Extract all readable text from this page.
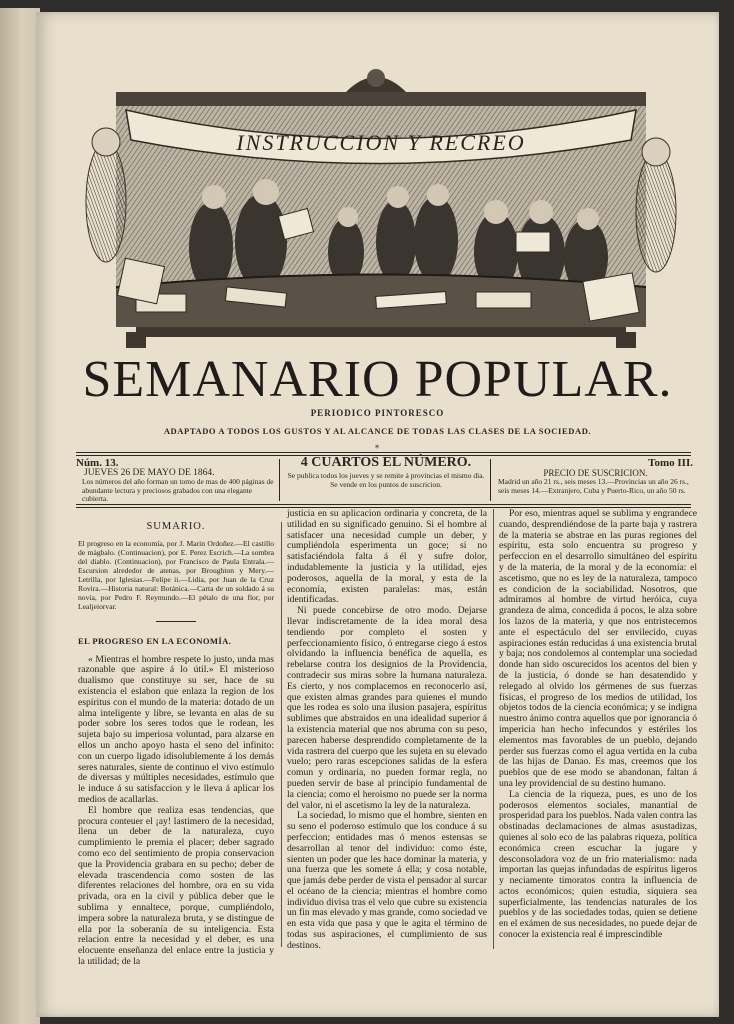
INSTRUCCION Y RECREO
SEMANARIO POPULAR.
PERIODICO PINTORESCO
ADAPTADO A TODOS LOS GUSTOS Y AL ALCANCE DE TODAS LAS CLASES DE LA SOCIEDAD.
*
Núm. 13.
JUEVES 26 DE MAYO DE 1864.
Los números del año forman un tomo de mas de 400 páginas de abundante lectura y preciosos grabados con una elegante cubierta.
4 CUARTOS EL NÚMERO.
Se publica todos los jueves y se remite á provincias el mismo dia.
Se vende en los puntos de suscricion.
Tomo III.
PRECIO DE SUSCRICION.
Madrid un año 21 rs., seis meses 13.—Provincias un año 26 rs., seis meses 14.—Extranjero, Cuba y Puerto-Rico, un año 50 rs.
SUMARIO.

El progreso en la economía, por J. Marin Ordoñez.—El castillo de mágbalo. (Continuacion), por E. Perez Escrich.—La sombra del diablo. (Continuacion), por Francisco de Paula Entrala.—Escursion alrededor de atenas, por Broughton y Mery.—Letrilla, por Iglesias.—Felipe ii.—Lidia, por Juan de la Cruz Rovira.—Historia natural: Botánica.—Carta de un soldado á su novia, por Pedro F. Reymundo.—El pétalo de una flor, por Lealjeiorvar.

EL PROGRESO EN LA ECONOMÍA.

« Mientras el hombre respete lo justo, unda mas razonable que aspire á lo útil.» El misterioso dualismo que constituye su ser, hace de su existencia el eslabon que enlaza la region de los espíritus con el mundo de la materia: dotado de un alma inteligente y libre, se levanta en alas de su poder sobre los seres todos que le rodean, les sujeta bajo su imperiosa voluntad, para alzarse en ellos un ancho apoyo hasta el seno del infinito: con un cuerpo ligado idisolublemente á los demás seres naturales, siente de continuo el vivo estímulo de diversas y múltiples necesidades, estímulo que le induce á su satisfaccion y le lleva á aplicar los medios de acallarlas.

El hombre que realiza esas tendencias, que procura conteuer el ¡ay! lastimero de la necesidad, llena un deber de la naturaleza, cuyo cumplimiento le premia el placer; deber sagrado como eco del sentimiento de propia conservacion que la Providencia grabara en su pecho; deber de elevada trascendencia como sosten de las diferentes relaciones del hombre, ora en su vida privada, ora en la civil y pública deber que le sublima y ennaltece, porque, cumpliéndolo, impera sobre la naturaleza bruta, y se distingue de ella por la soberanía de su inteligencia. Esta relacion entre la necesidad y el deber, es una elocuente enseñanza del enlace entre la justicia y la utilidad; de la

justicia en su aplicacion ordinaria y concreta, de la utilidad en su significado genuino. Si el hombre al satisfacer una necesidad cumple un deber, y cumpliéndola esperimenta un goce; si no satisfaciéndola falta á él y sufre dolor, indudablemente la justicia y la utilidad, ejes poderosos, aquella de la moral, y esta de la economía, existen paralelas: mas, están identificadas.

Ni puede concebirse de otro modo. Dejarse llevar indiscretamente de la idea moral desa tendiendo por completo el sosten y perfeccionamiento físico, ó entregarse ciego á estos olvidando la influencia benéfica de aquella, es rebelarse contra los designios de la Providencia, contradecir sus miras sobre la humana naturaleza. Es cierto, y nos complacemos en reconocerlo así, que existen almas grandes para quienes el mundo que les rodea es solo una ilusion pasajera, espíritus sublimes que abstraidos en una idealidad superior á la existencia material que nos abruma con su peso, parecen haberse desprendido completamente de la vida rastrera del cuerpo que les sujeta en su elevado vuelo; pero raras escepciones salidas de la esfera comun y ordinaria, no pueden formar regla, no pueden servir de base al principio fundamental de la ciencia; como el heroismo no puede ser la norma del valor, ni el ascetismo la ley de la naturaleza.

La sociedad, lo mismo que el hombre, sienten en su seno el poderoso estímulo que los conduce á su perfeccion; entidades mas ó menos estensas se desarrollan al tenor del individuo: como éste, sienten un poder que les hace dominar la materia, y una fuerza que les somete á ella; y cosa notable, que jamás debe perder de vista el pensador al surcar el océano de la ciencia; mientras el hombre como individuo divisa tras el velo que cubre su existencia un fin mas elevado y mas grande, como sociedad ve en esta vida que pasa y que le agita el término de todas sus aspiraciones, el cumplimiento de sus destinos.

Por eso, mientras aquel se sublima y engrandece cuando, desprendiéndose de la parte baja y rastrera de la materia se abstrae en las puras regiones del espíritu, esta solo encuentra su progreso y perfeccion en el desarrollo simultáneo del espíritu y de la materia, de la moral y de la economía: el ascetismo, que no es ley de la naturaleza, tampoco es condicion de la sociabilidad. Nosotros, que admiramos al hombre de virtud heróica, cuya grandeza de alma, concedida á pocos, le alza sobre los lazos de la materia, y que nos entristecemos ante el espectáculo del ser envilecido, cuyas aspiraciones están reducidas á una existencia brutal y baja; nos condolemos al contemplar una sociedad donde han sido oscurecidos los acentos del bien y de la justicia, ó donde se han desatendido y relegado al olvido los gérmenes de sus fuerzas físicas, el progreso de los medios de utilidad, los objetos todos de la ciencia económica; y se indigna nuestro ánimo contra aquellos que por ignorancia ó impericia han hecho infecundos y estériles los elementos mas favorables de un pueblo, dejando perder sus fuerzas como el agua vertida en la cuba de las hijas de Danao. Es mas, creemos que los pueblos que de ese modo se abandonan, faltan á una ley providencial de su destino humano.

La ciencia de la riqueza, pues, es uno de los poderosos elementos sociales, manantial de prosperidad para los pueblos. Nada valen contra las obstinadas declamaciones de almas asustadizas, quienes al solo eco de las palabras riqueza, política económica creen escuchar la jugare y desconsoladora voz de un frio materialismo: nada importan las quejas infundadas de espíritus ligeros y neciamente timoratos contra la influencia de actos económicos; quien estudia, siquiera sea superficialmente, las tendencias naturales de los pueblos y de las sociedades todas, quien se detiene en el exámen de sus necesidades, no puede dejar de conocer la existencia real é imprescindible
